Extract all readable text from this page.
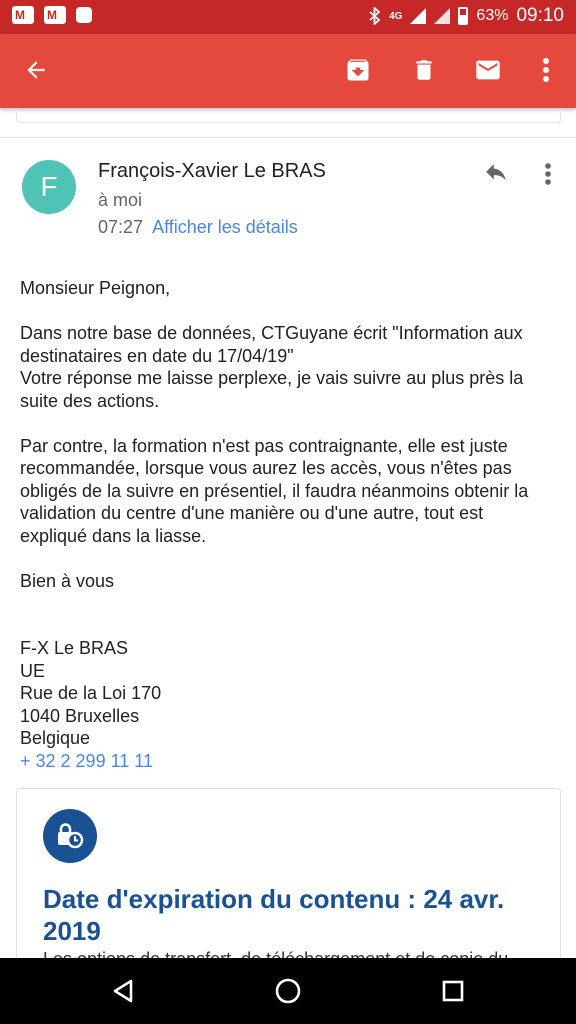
M M	4G	63% 09:10
F François-Xavier Le BRAS
à moi
07:27 Afficher les détails

Monsieur Peignon,

Dans notre base de données, CTGuyane écrit "Information aux destinataires en date du 17/04/19"

Votre réponse me laisse perplexe, je vais suivre au plus près la suite des actions.

Par contre, la formation n'est pas contraignante, elle est juste recommandée, lorsque vous aurez les accès, vous n'êtes pas obligés de la suivre en présentiel, il faudra néanmoins obtenir la validation du centre d'une manière ou d'une autre, tout est expliqué dans la liasse.

Bien à vous

F-X Le BRAS

UE

Rue de la Loi 170

1040 Bruxelles

Belgique

+ 32 2 299 11 11

Date d'expiration du contenu : 24 avr. 2019
